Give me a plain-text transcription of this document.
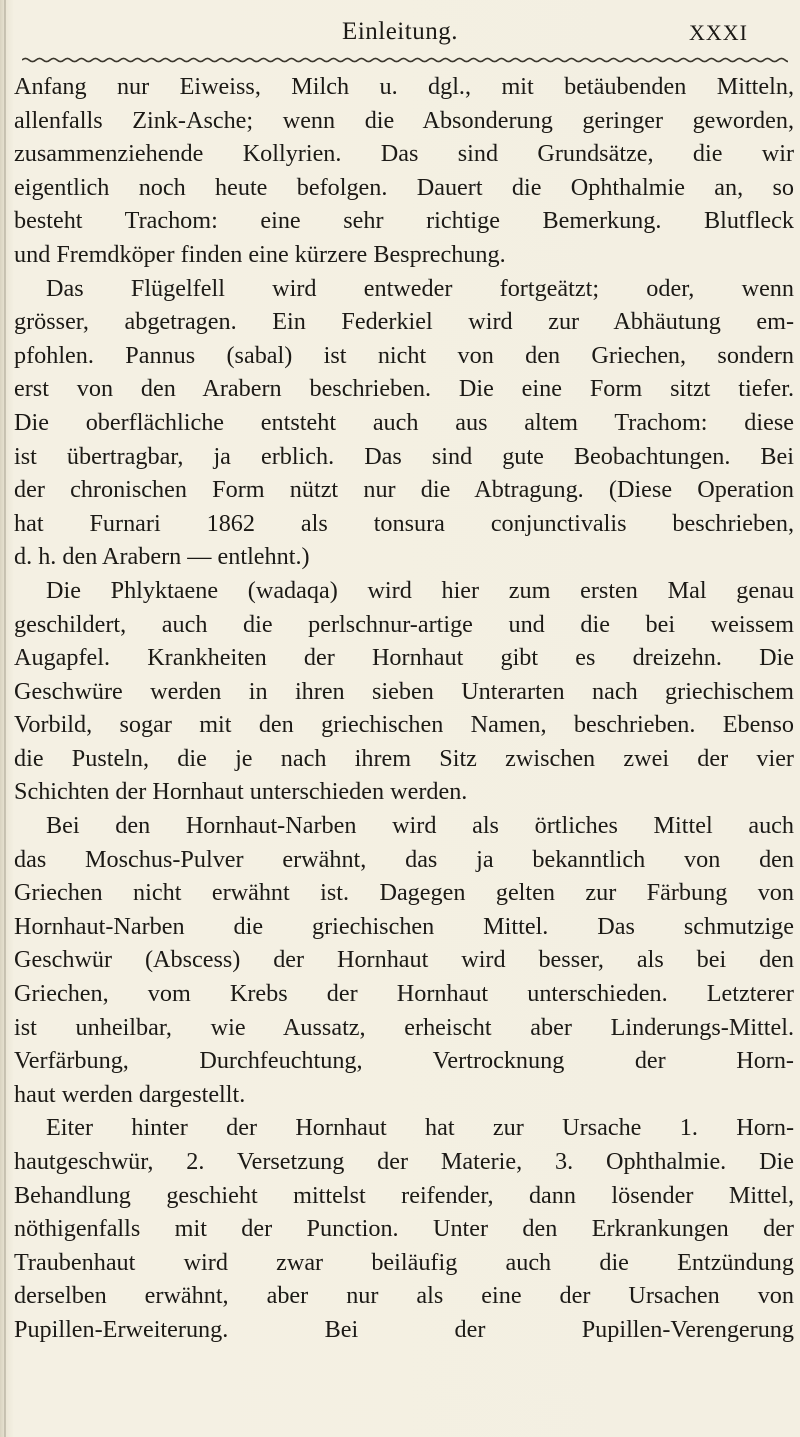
Einleitung.	XXXI
Anfang nur Eiweiss, Milch u. dgl., mit betäubenden Mitteln,
allenfalls Zink-Asche; wenn die Absonderung geringer geworden,
zusammenziehende Kollyrien. Das sind Grundsätze, die wir
eigentlich noch heute befolgen. Dauert die Ophthalmie an, so
besteht Trachom: eine sehr richtige Bemerkung. Blutfleck
und Fremdköper finden eine kürzere Besprechung.
Das Flügelfell wird entweder fortgeätzt; oder, wenn
grösser, abgetragen. Ein Federkiel wird zur Abhäutung em-
pfohlen. Pannus (sabal) ist nicht von den Griechen, sondern
erst von den Arabern beschrieben. Die eine Form sitzt tiefer.
Die oberflächliche entsteht auch aus altem Trachom: diese
ist übertragbar, ja erblich. Das sind gute Beobachtungen. Bei
der chronischen Form nützt nur die Abtragung. (Diese Operation
hat Furnari 1862 als tonsura conjunctivalis beschrieben,
d. h. den Arabern — entlehnt.)
Die Phlyktaene (wadaqa) wird hier zum ersten Mal genau
geschildert, auch die perlschnur-artige und die bei weissem
Augapfel. Krankheiten der Hornhaut gibt es dreizehn. Die
Geschwüre werden in ihren sieben Unterarten nach griechischem
Vorbild, sogar mit den griechischen Namen, beschrieben. Ebenso
die Pusteln, die je nach ihrem Sitz zwischen zwei der vier
Schichten der Hornhaut unterschieden werden.
Bei den Hornhaut-Narben wird als örtliches Mittel auch
das Moschus-Pulver erwähnt, das ja bekanntlich von den
Griechen nicht erwähnt ist. Dagegen gelten zur Färbung von
Hornhaut-Narben die griechischen Mittel. Das schmutzige
Geschwür (Abscess) der Hornhaut wird besser, als bei den
Griechen, vom Krebs der Hornhaut unterschieden. Letzterer
ist unheilbar, wie Aussatz, erheischt aber Linderungs-Mittel.
Verfärbung, Durchfeuchtung, Vertrocknung der Horn-
haut werden dargestellt.
Eiter hinter der Hornhaut hat zur Ursache 1. Horn-
hautgeschwür, 2. Versetzung der Materie, 3. Ophthalmie. Die
Behandlung geschieht mittelst reifender, dann lösender Mittel,
nöthigenfalls mit der Punction. Unter den Erkrankungen der
Traubenhaut wird zwar beiläufig auch die Entzündung
derselben erwähnt, aber nur als eine der Ursachen von
Pupillen-Erweiterung. Bei der Pupillen-Verengerung
